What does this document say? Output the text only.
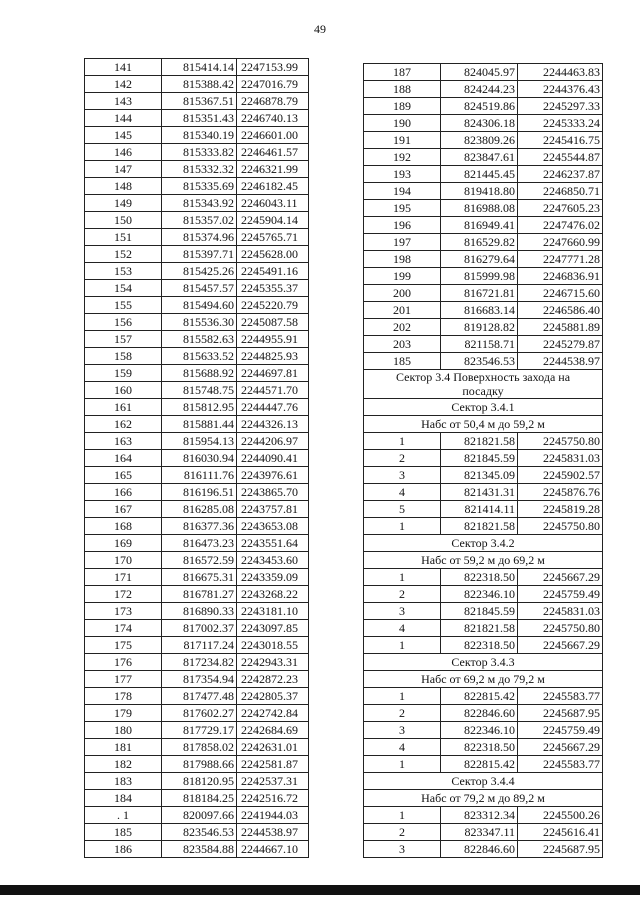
49
141	815414.14	2247153.99
142	815388.42	2247016.79
143	815367.51	2246878.79
144	815351.43	2246740.13
145	815340.19	2246601.00
146	815333.82	2246461.57
147	815332.32	2246321.99
148	815335.69	2246182.45
149	815343.92	2246043.11
150	815357.02	2245904.14
151	815374.96	2245765.71
152	815397.71	2245628.00
153	815425.26	2245491.16
154	815457.57	2245355.37
155	815494.60	2245220.79
156	815536.30	2245087.58
157	815582.63	2244955.91
158	815633.52	2244825.93
159	815688.92	2244697.81
160	815748.75	2244571.70
161	815812.95	2244447.76
162	815881.44	2244326.13
163	815954.13	2244206.97
164	816030.94	2244090.41
165	816111.76	2243976.61
166	816196.51	2243865.70
167	816285.08	2243757.81
168	816377.36	2243653.08
169	816473.23	2243551.64
170	816572.59	2243453.60
171	816675.31	2243359.09
172	816781.27	2243268.22
173	816890.33	2243181.10
174	817002.37	2243097.85
175	817117.24	2243018.55
176	817234.82	2242943.31
177	817354.94	2242872.23
178	817477.48	2242805.37
179	817602.27	2242742.84
180	817729.17	2242684.69
181	817858.02	2242631.01
182	817988.66	2242581.87
183	818120.95	2242537.31
184	818184.25	2242516.72
. 1	820097.66	2241944.03
185	823546.53	2244538.97
186	823584.88	2244667.10
187	824045.97	2244463.83
188	824244.23	2244376.43
189	824519.86	2245297.33
190	824306.18	2245333.24
191	823809.26	2245416.75
192	823847.61	2245544.87
193	821445.45	2246237.87
194	819418.80	2246850.71
195	816988.08	2247605.23
196	816949.41	2247476.02
197	816529.82	2247660.99
198	816279.64	2247771.28
199	815999.98	2246836.91
200	816721.81	2246715.60
201	816683.14	2246586.40
202	819128.82	2245881.89
203	821158.71	2245279.87
185	823546.53	2244538.97

Сектор 3.4 Поверхность захода на
посадку		

Сектор 3.4.1		

Набс от 50,4 м до 59,2 м		

1	821821.58	2245750.80
2	821845.59	2245831.03
3	821345.09	2245902.57
4	821431.31	2245876.76
5	821414.11	2245819.28
1	821821.58	2245750.80

Сектор 3.4.2		

Набс от 59,2 м до 69,2 м		

1	822318.50	2245667.29
2	822346.10	2245759.49
3	821845.59	2245831.03
4	821821.58	2245750.80
1	822318.50	2245667.29

Сектор 3.4.3		

Набс от 69,2 м до 79,2 м		

1	822815.42	2245583.77
2	822846.60	2245687.95
3	822346.10	2245759.49
4	822318.50	2245667.29
1	822815.42	2245583.77

Сектор 3.4.4		

Набс от 79,2 м до 89,2 м		

1	823312.34	2245500.26
2	823347.11	2245616.41
3	822846.60	2245687.95
